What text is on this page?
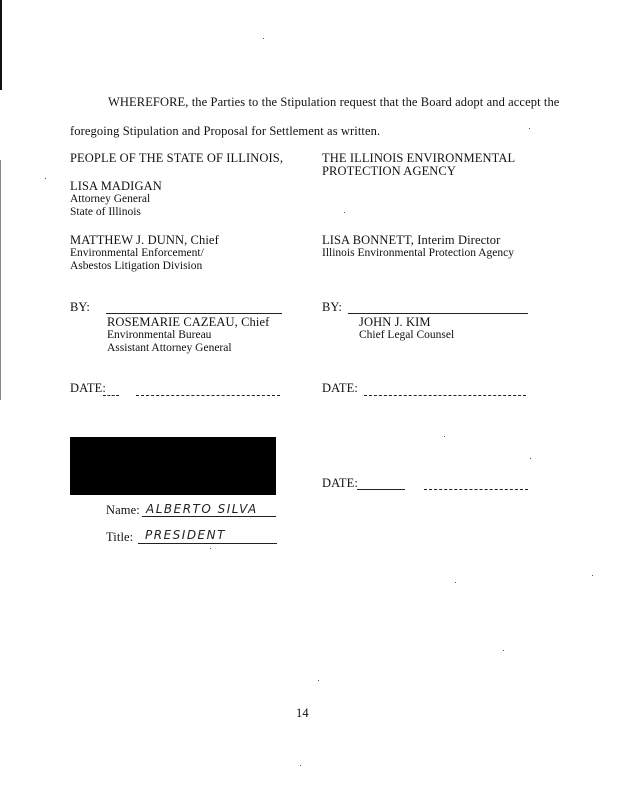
WHEREFORE, the Parties to the Stipulation request that the Board adopt and accept the
foregoing Stipulation and Proposal for Settlement as written.
PEOPLE OF THE STATE OF ILLINOIS,
LISA MADIGAN
Attorney General
State of Illinois
MATTHEW J. DUNN, Chief
Environmental Enforcement/
Asbestos Litigation Division
BY:
ROSEMARIE CAZEAU, Chief
Environmental Bureau
Assistant Attorney General
DATE:
Name: ALBERTO SILVA
Title: PRESIDENT
THE ILLINOIS ENVIRONMENTAL
PROTECTION AGENCY
LISA BONNETT, Interim Director
Illinois Environmental Protection Agency
BY:
JOHN J. KIM
Chief Legal Counsel
DATE:
DATE:
14
